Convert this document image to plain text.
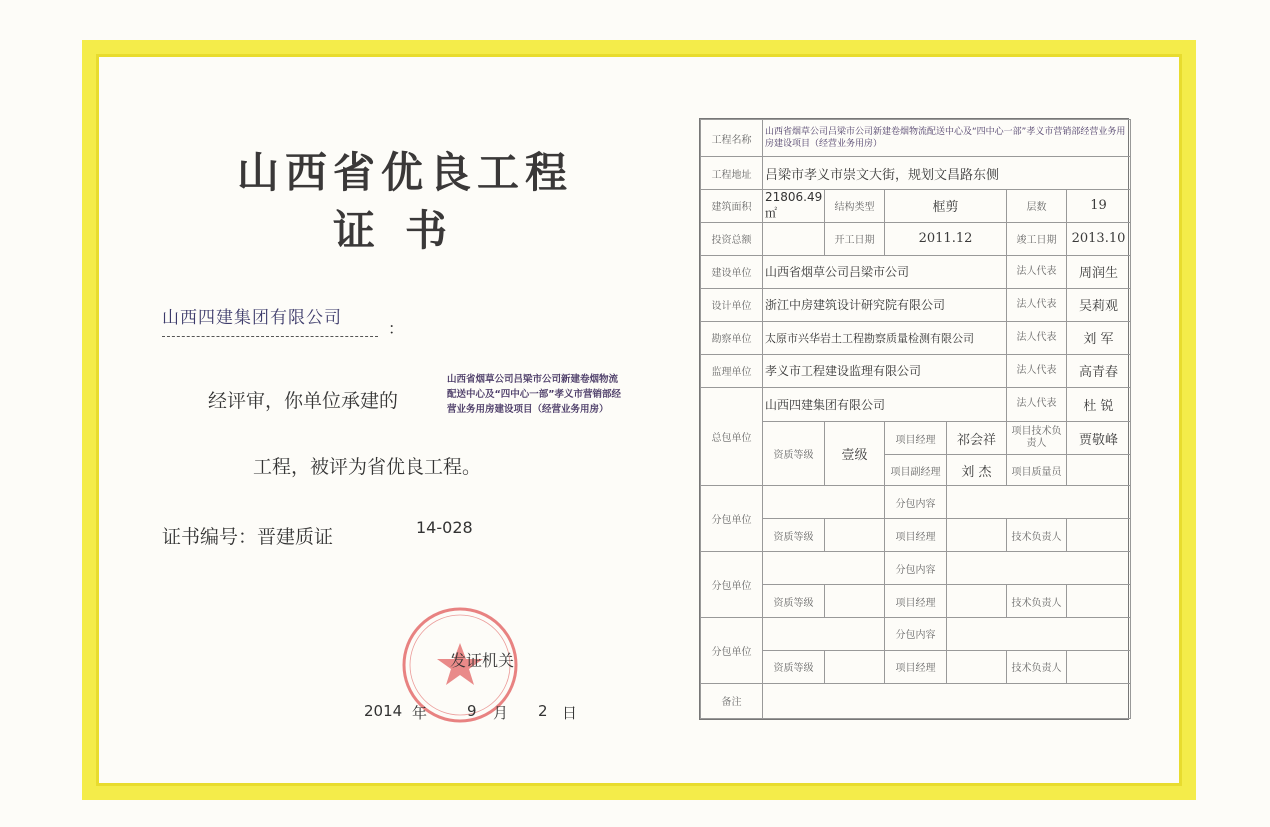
山西省优良工程
证书
山西四建集团有限公司
：
经评审，你单位承建的
山西省烟草公司吕梁市公司新建卷烟物流配送中心及“四中心一部”孝义市营销部经营业务用房建设项目（经营业务用房）
工程，被评为省优良工程。
证书编号：晋建质证	14-028
发证机关
2014 年	9 月 2 日
工程名称	山西省烟草公司吕梁市公司新建卷烟物流配送中心及“四中心一部”孝义市营销部经营业务用房建设项目（经营业务用房）					
工程地址	吕梁市孝义市崇文大街，规划文昌路东侧					
建筑面积	21806.49㎡	结构类型	框剪		层数	19
投资总额		开工日期	2011.12		竣工日期	2013.10
建设单位	山西省烟草公司吕梁市公司				法人代表	周润生
设计单位	浙江中房建筑设计研究院有限公司				法人代表	吴莉观
勘察单位	太原市兴华岩土工程勘察质量检测有限公司				法人代表	刘 军
监理单位	孝义市工程建设监理有限公司				法人代表	高青春
总包单位	山西四建集团有限公司				法人代表	杜 锐
	资质等级	壹级	项目经理	祁会祥	项目技术负责人	贾敬峰
			项目副经理	刘 杰	项目质量员	
分包单位			分包内容			
	资质等级		项目经理		技术负责人	
分包单位			分包内容			
	资质等级		项目经理		技术负责人	
分包单位			分包内容			
	资质等级		项目经理		技术负责人	
备注						
